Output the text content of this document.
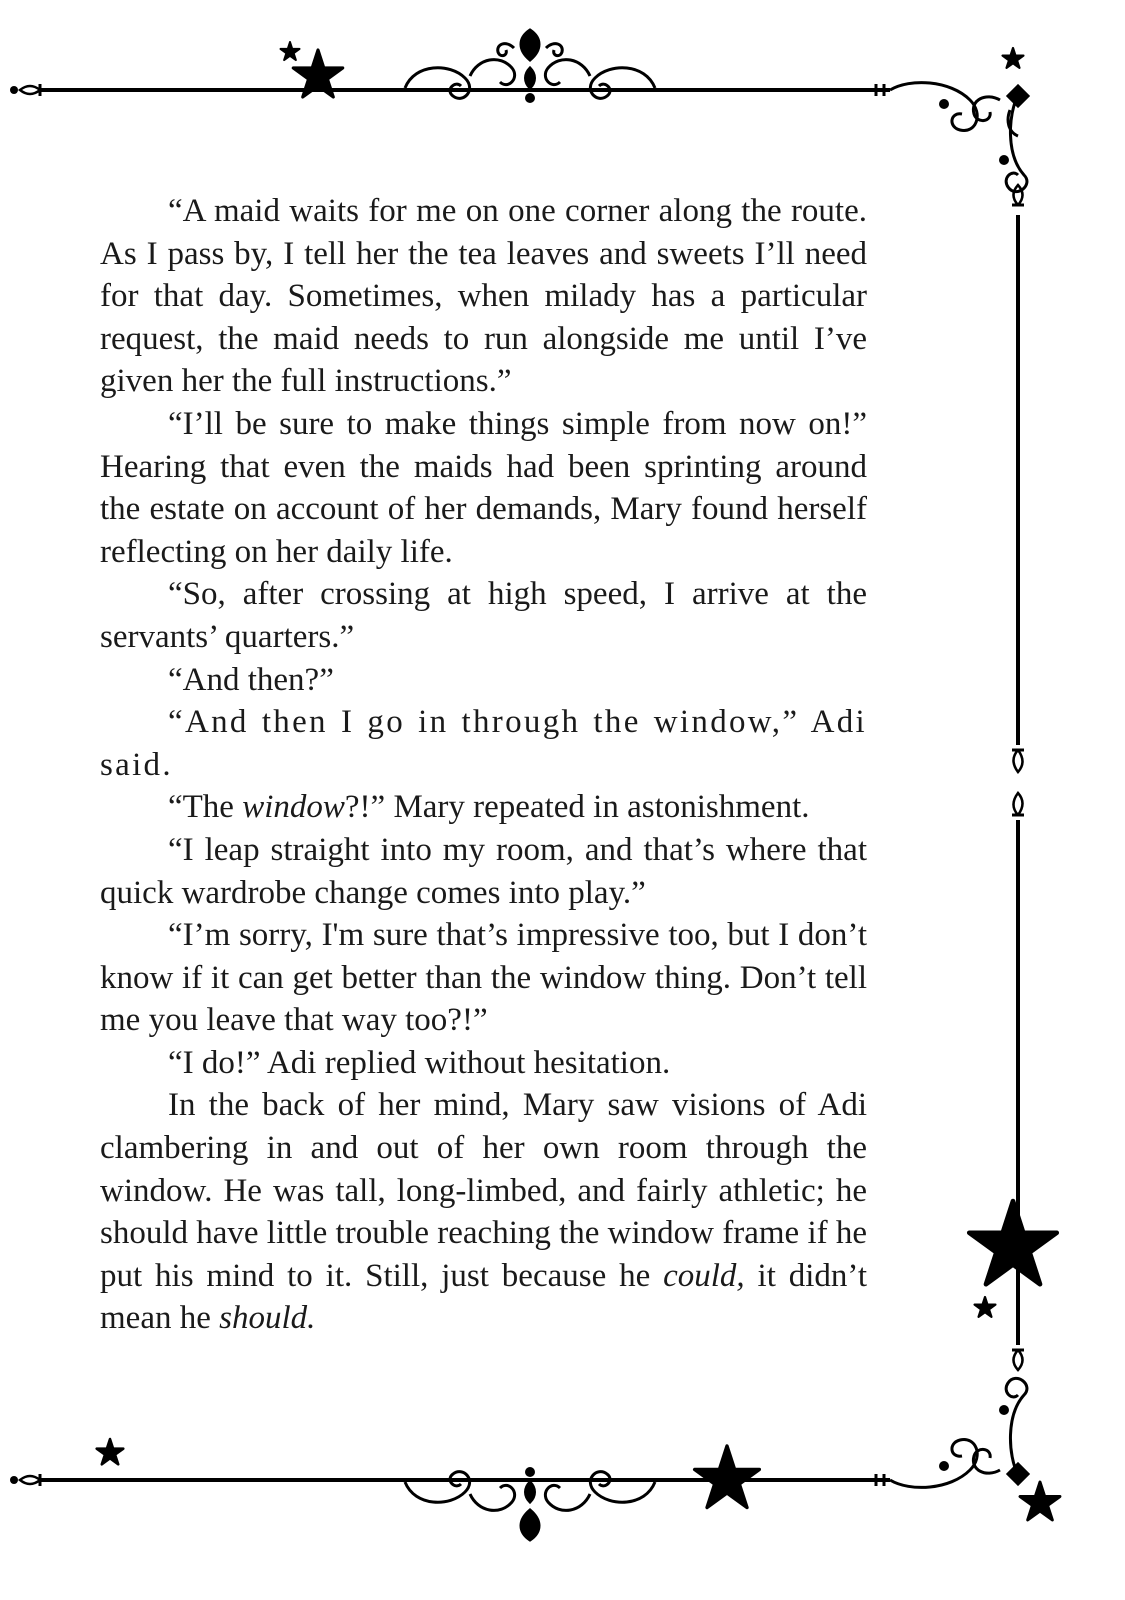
“A maid waits for me on one corner along the route. As I pass by, I tell her the tea leaves and sweets I’ll need for that day. Sometimes, when milady has a particular request, the maid needs to run alongside me until I’ve given her the full instructions.”

“I’ll be sure to make things simple from now on!” Hearing that even the maids had been sprinting around the estate on account of her demands, Mary found herself reflecting on her daily life.

“So, after crossing at high speed, I arrive at the servants’ quarters.”

“And then?”

“And then I go in through the window,” Adi said.

“The window?!” Mary repeated in astonishment.

“I leap straight into my room, and that’s where that quick wardrobe change comes into play.”

“I’m sorry, I'm sure that’s impressive too, but I don’t know if it can get better than the window thing. Don’t tell me you leave that way too?!”

“I do!” Adi replied without hesitation.

In the back of her mind, Mary saw visions of Adi clambering in and out of her own room through the window. He was tall, long-limbed, and fairly athletic; he should have little trouble reaching the window frame if he put his mind to it. Still, just because he could, it didn’t mean he should.
